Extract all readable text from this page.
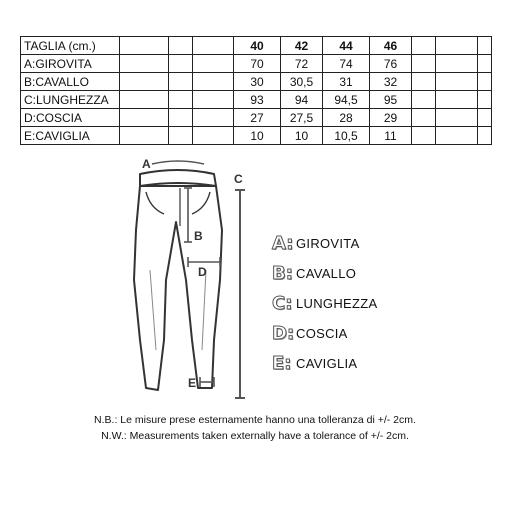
TAGLIA (cm.)				40	42	44	46			
A:GIROVITA				70	72	74	76			
B:CAVALLO				30	30,5	31	32			
C:LUNGHEZZA				93	94	94,5	95			
D:COSCIA				27	27,5	28	29			
E:CAVIGLIA				10	10	10,5	11			
A
B
D
E
C
A: GIROVITA
B: CAVALLO
C: LUNGHEZZA
D: COSCIA
E: CAVIGLIA
N.B.: Le misure prese esternamente hanno una tolleranza di +/- 2cm.
N.W.: Measurements taken externally have a tolerance of +/- 2cm.
